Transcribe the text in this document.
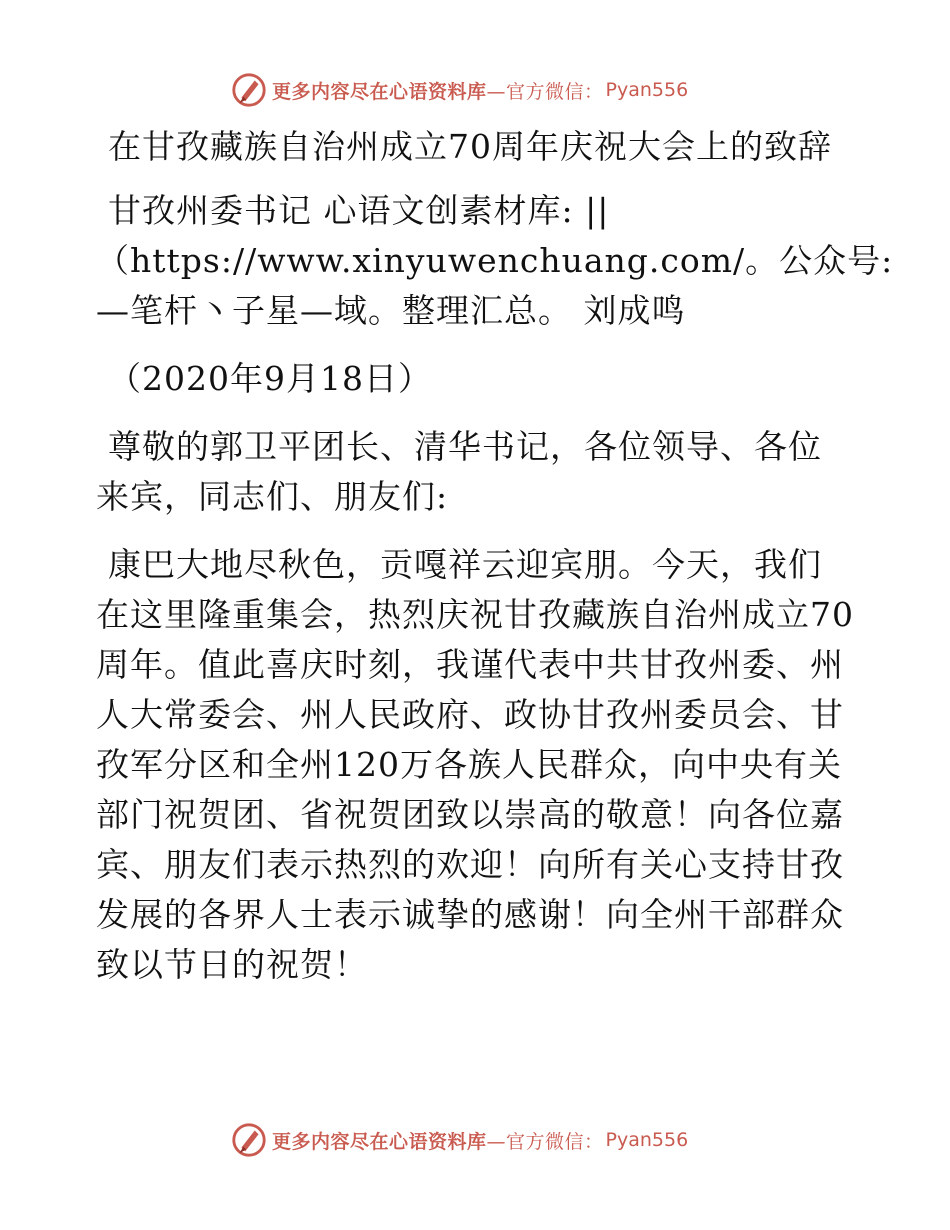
更多内容尽在心语资料库 —官方微信： Pyan556

在甘孜藏族自治州成立70周年庆祝大会上的致辞

甘孜州委书记 心语文创素材库: ||

（https://www.xinyuwenchuang.com/。公众号:

—笔杆丶子星—域。整理汇总。 刘成鸣

（2020年9月18日）

尊敬的郭卫平团长、清华书记，各位领导、各位

来宾，同志们、朋友们:

康巴大地尽秋色，贡嘎祥云迎宾朋。今天，我们

在这里隆重集会，热烈庆祝甘孜藏族自治州成立70

周年。值此喜庆时刻，我谨代表中共甘孜州委、州

人大常委会、州人民政府、政协甘孜州委员会、甘

孜军分区和全州120万各族人民群众，向中央有关

部门祝贺团、省祝贺团致以崇高的敬意！向各位嘉

宾、朋友们表示热烈的欢迎！向所有关心支持甘孜

发展的各界人士表示诚挚的感谢！向全州干部群众

致以节日的祝贺！

更多内容尽在心语资料库 —官方微信： Pyan556
